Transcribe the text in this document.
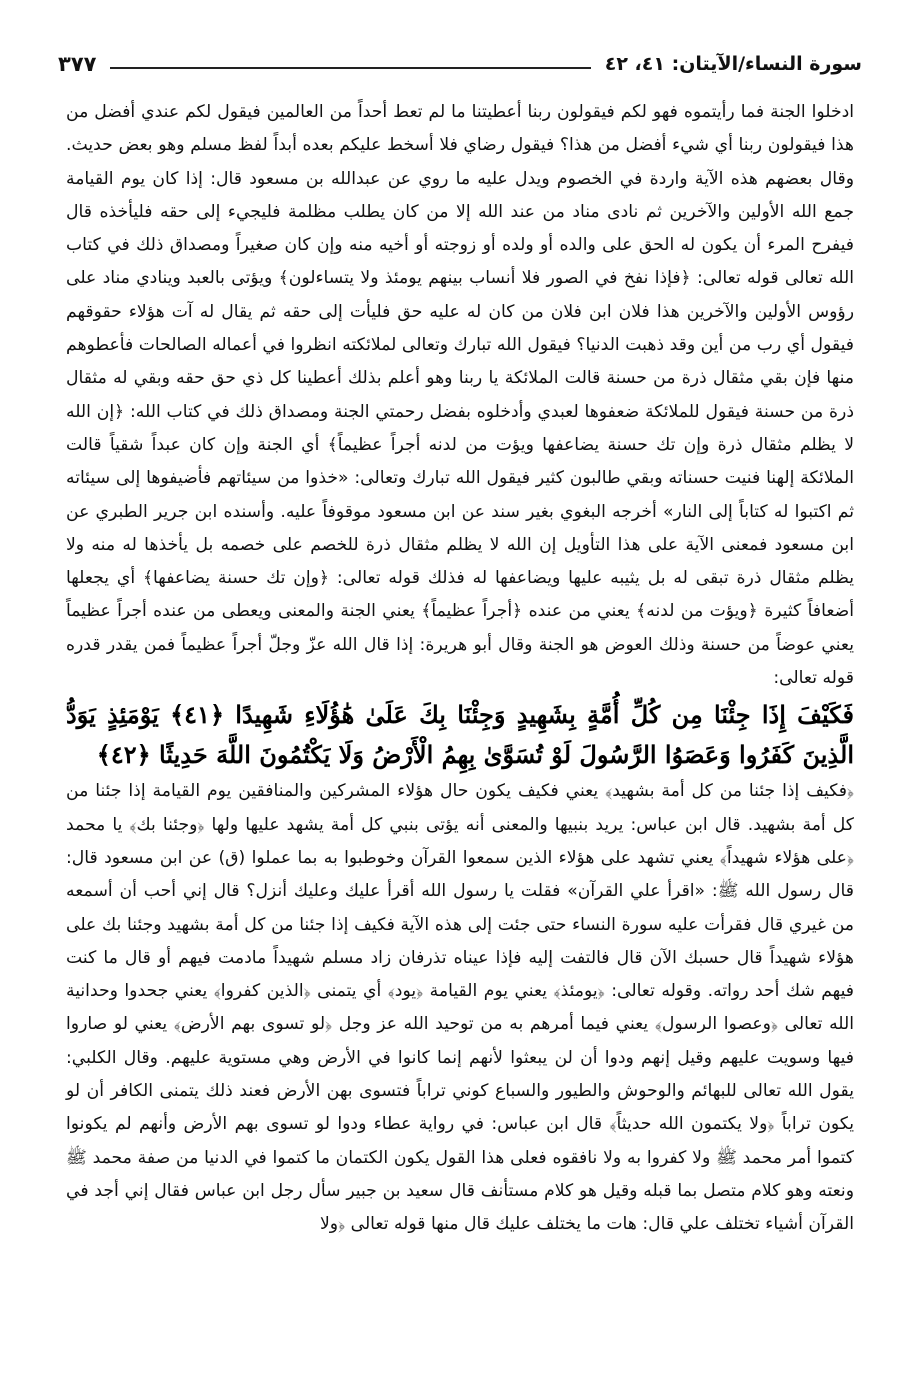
سورة النساء/الآيتان: ٤١، ٤٢
٣٧٧

ادخلوا الجنة فما رأيتموه فهو لكم فيقولون ربنا أعطيتنا ما لم تعط أحداً من العالمين فيقول لكم عندي أفضل من هذا فيقولون ربنا أي شيء أفضل من هذا؟ فيقول رضاي فلا أسخط عليكم بعده أبداً لفظ مسلم وهو بعض حديث. وقال بعضهم هذه الآية واردة في الخصوم ويدل عليه ما روي عن عبدالله بن مسعود قال: إذا كان يوم القيامة جمع الله الأولين والآخرين ثم نادى مناد من عند الله إلا من كان يطلب مظلمة فليجيء إلى حقه فليأخذه قال فيفرح المرء أن يكون له الحق على والده أو ولده أو زوجته أو أخيه منه وإن كان صغيراً ومصداق ذلك في كتاب الله تعالى قوله تعالى: ﴿فإذا نفخ في الصور فلا أنساب بينهم يومئذ ولا يتساءلون﴾ ويؤتى بالعبد وينادي مناد على رؤوس الأولين والآخرين هذا فلان ابن فلان من كان له عليه حق فليأت إلى حقه ثم يقال له آت هؤلاء حقوقهم فيقول أي رب من أين وقد ذهبت الدنيا؟ فيقول الله تبارك وتعالى لملائكته انظروا في أعماله الصالحات فأعطوهم منها فإن بقي مثقال ذرة من حسنة قالت الملائكة يا ربنا وهو أعلم بذلك أعطينا كل ذي حق حقه وبقي له مثقال ذرة من حسنة فيقول للملائكة ضعفوها لعبدي وأدخلوه بفضل رحمتي الجنة ومصداق ذلك في كتاب الله: ﴿إن الله لا يظلم مثقال ذرة وإن تك حسنة يضاعفها ويؤت من لدنه أجراً عظيماً﴾ أي الجنة وإن كان عبداً شقياً قالت الملائكة إلهنا فنيت حسناته وبقي طالبون كثير فيقول الله تبارك وتعالى: «خذوا من سيئاتهم فأضيفوها إلى سيئاته ثم اكتبوا له كتاباً إلى النار» أخرجه البغوي بغير سند عن ابن مسعود موقوفاً عليه. وأسنده ابن جرير الطبري عن ابن مسعود فمعنى الآية على هذا التأويل إن الله لا يظلم مثقال ذرة للخصم على خصمه بل يأخذها له منه ولا يظلم مثقال ذرة تبقى له بل يثيبه عليها ويضاعفها له فذلك قوله تعالى: ﴿وإن تك حسنة يضاعفها﴾ أي يجعلها أضعافاً كثيرة ﴿ويؤت من لدنه﴾ يعني من عنده ﴿أجراً عظيماً﴾ يعني الجنة والمعنى ويعطى من عنده أجراً عظيماً يعني عوضاً من حسنة وذلك العوض هو الجنة وقال أبو هريرة: إذا قال الله عزّ وجلّ أجراً عظيماً فمن يقدر قدره قوله تعالى:

فَكَيْفَ إِذَا جِئْنَا مِن كُلِّ أُمَّةٍ بِشَهِيدٍ وَجِئْنَا بِكَ عَلَىٰ هَٰؤُلَاءِ شَهِيدًا ﴿٤١﴾ يَوْمَئِذٍ يَوَدُّ الَّذِينَ كَفَرُوا وَعَصَوُا الرَّسُولَ لَوْ تُسَوَّىٰ بِهِمُ الْأَرْضُ وَلَا يَكْتُمُونَ اللَّهَ حَدِيثًا ﴿٤٢﴾

﴿فكيف إذا جئنا من كل أمة بشهيد﴾ يعني فكيف يكون حال هؤلاء المشركين والمنافقين يوم القيامة إذا جئنا من كل أمة بشهيد. قال ابن عباس: يريد بنبيها والمعنى أنه يؤتى بنبي كل أمة يشهد عليها ولها ﴿وجئنا بك﴾ يا محمد ﴿على هؤلاء شهيداً﴾ يعني تشهد على هؤلاء الذين سمعوا القرآن وخوطبوا به بما عملوا (ق) عن ابن مسعود قال: قال رسول الله ﷺ: «اقرأ علي القرآن» فقلت يا رسول الله أقرأ عليك وعليك أنزل؟ قال إني أحب أن أسمعه من غيري قال فقرأت عليه سورة النساء حتى جئت إلى هذه الآية فكيف إذا جئنا من كل أمة بشهيد وجئنا بك على هؤلاء شهيداً قال حسبك الآن قال فالتفت إليه فإذا عيناه تذرفان زاد مسلم شهيداً مادمت فيهم أو قال ما كنت فيهم شك أحد رواته. وقوله تعالى: ﴿يومئذ﴾ يعني يوم القيامة ﴿يود﴾ أي يتمنى ﴿الذين كفروا﴾ يعني جحدوا وحدانية الله تعالى ﴿وعصوا الرسول﴾ يعني فيما أمرهم به من توحيد الله عز وجل ﴿لو تسوى بهم الأرض﴾ يعني لو صاروا فيها وسويت عليهم وقيل إنهم ودوا أن لن يبعثوا لأنهم إنما كانوا في الأرض وهي مستوية عليهم. وقال الكلبي: يقول الله تعالى للبهائم والوحوش والطيور والسباع كوني تراباً فتسوى بهن الأرض فعند ذلك يتمنى الكافر أن لو يكون تراباً ﴿ولا يكتمون الله حديثاً﴾ قال ابن عباس: في رواية عطاء ودوا لو تسوى بهم الأرض وأنهم لم يكونوا كتموا أمر محمد ﷺ ولا كفروا به ولا نافقوه فعلى هذا القول يكون الكتمان ما كتموا في الدنيا من صفة محمد ﷺ ونعته وهو كلام متصل بما قبله وقيل هو كلام مستأنف قال سعيد بن جبير سأل رجل ابن عباس فقال إني أجد في القرآن أشياء تختلف علي قال: هات ما يختلف عليك قال منها قوله تعالى ﴿ولا
